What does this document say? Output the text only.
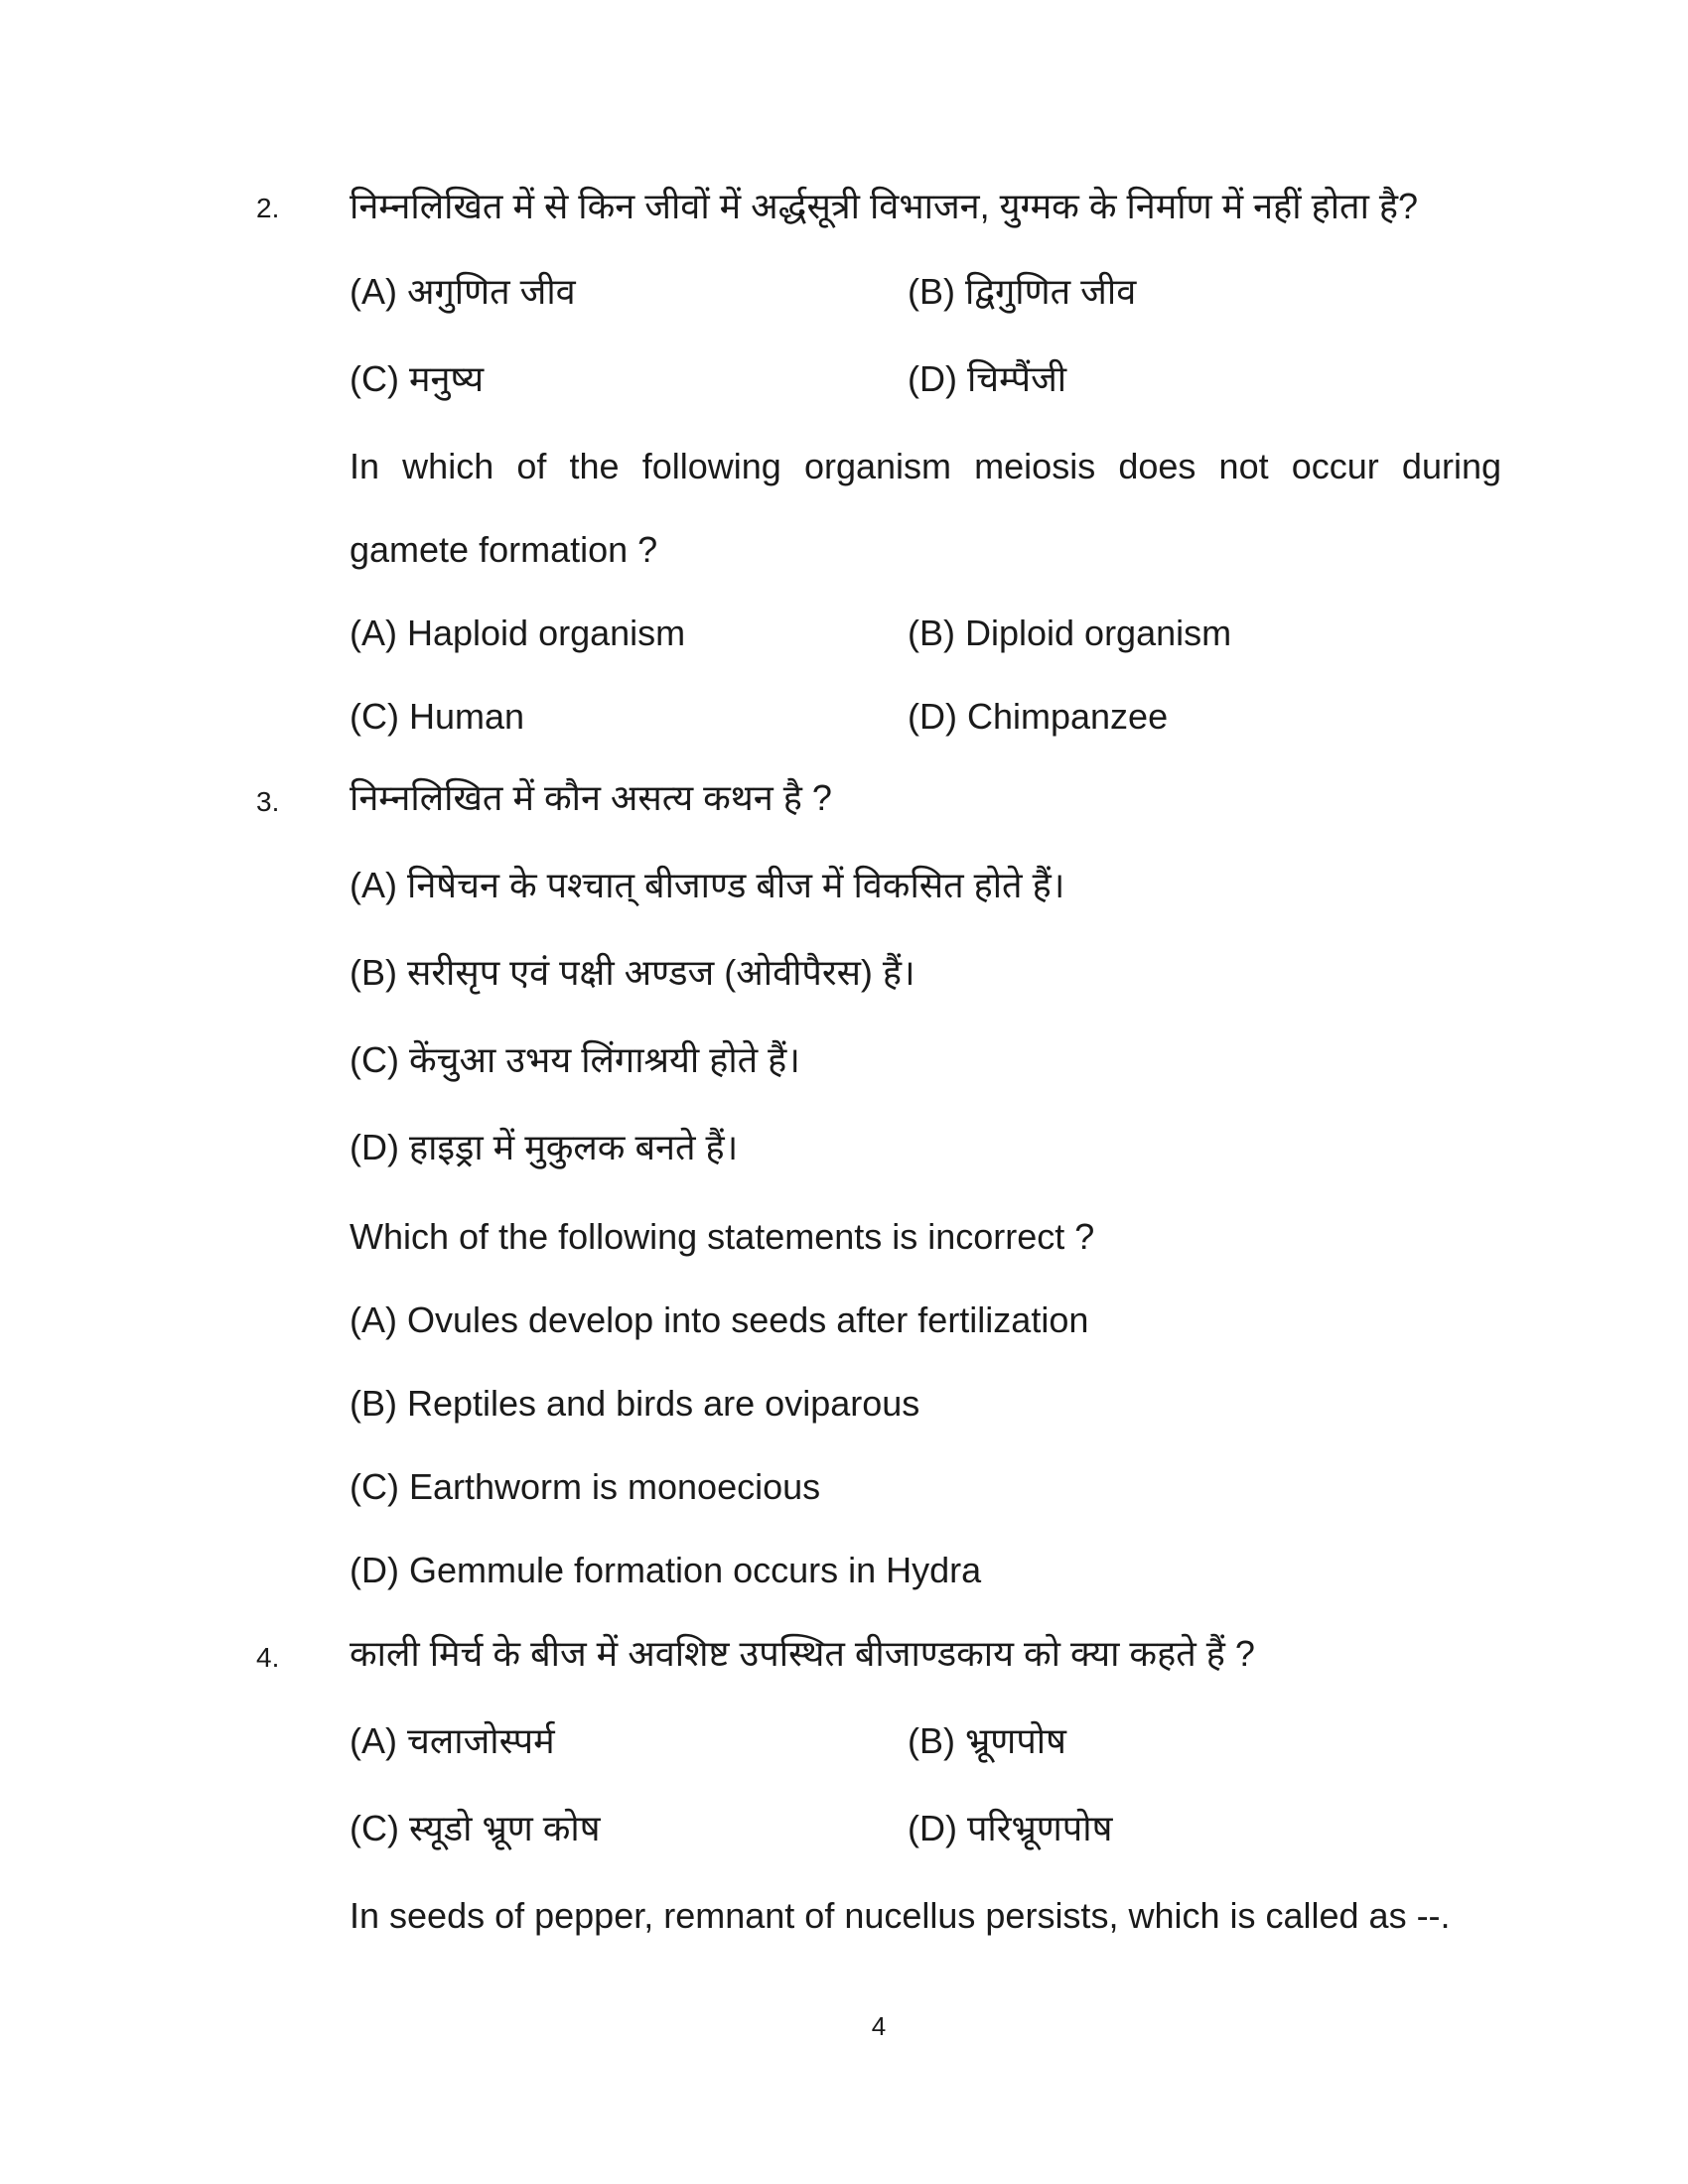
2. निम्नलिखित में से किन जीवों में अर्द्धसूत्री विभाजन, युग्मक के निर्माण में नहीं होता है?
(A) अगुणित जीव	(B) द्विगुणित जीव
(C) मनुष्य	(D) चिम्पैंजी
In which of the following organism meiosis does not occur during
gamete formation ?
(A) Haploid organism	(B) Diploid organism
(C) Human	(D) Chimpanzee
3. निम्नलिखित में कौन असत्य कथन है ?
(A) निषेचन के पश्चात् बीजाण्ड बीज में विकसित होते हैं।
(B) सरीसृप एवं पक्षी अण्डज (ओवीपैरस) हैं।
(C) केंचुआ उभय लिंगाश्रयी होते हैं।
(D) हाइड्रा में मुकुलक बनते हैं।
Which of the following statements is incorrect ?
(A) Ovules develop into seeds after fertilization
(B) Reptiles and birds are oviparous
(C) Earthworm is monoecious
(D) Gemmule formation occurs in Hydra
4. काली मिर्च के बीज में अवशिष्ट उपस्थित बीजाण्डकाय को क्या कहते हैं ?
(A) चलाजोस्पर्म	(B) भ्रूणपोष
(C) स्यूडो भ्रूण कोष	(D) परिभ्रूणपोष
In seeds of pepper, remnant of nucellus persists, which is called as --.
4
